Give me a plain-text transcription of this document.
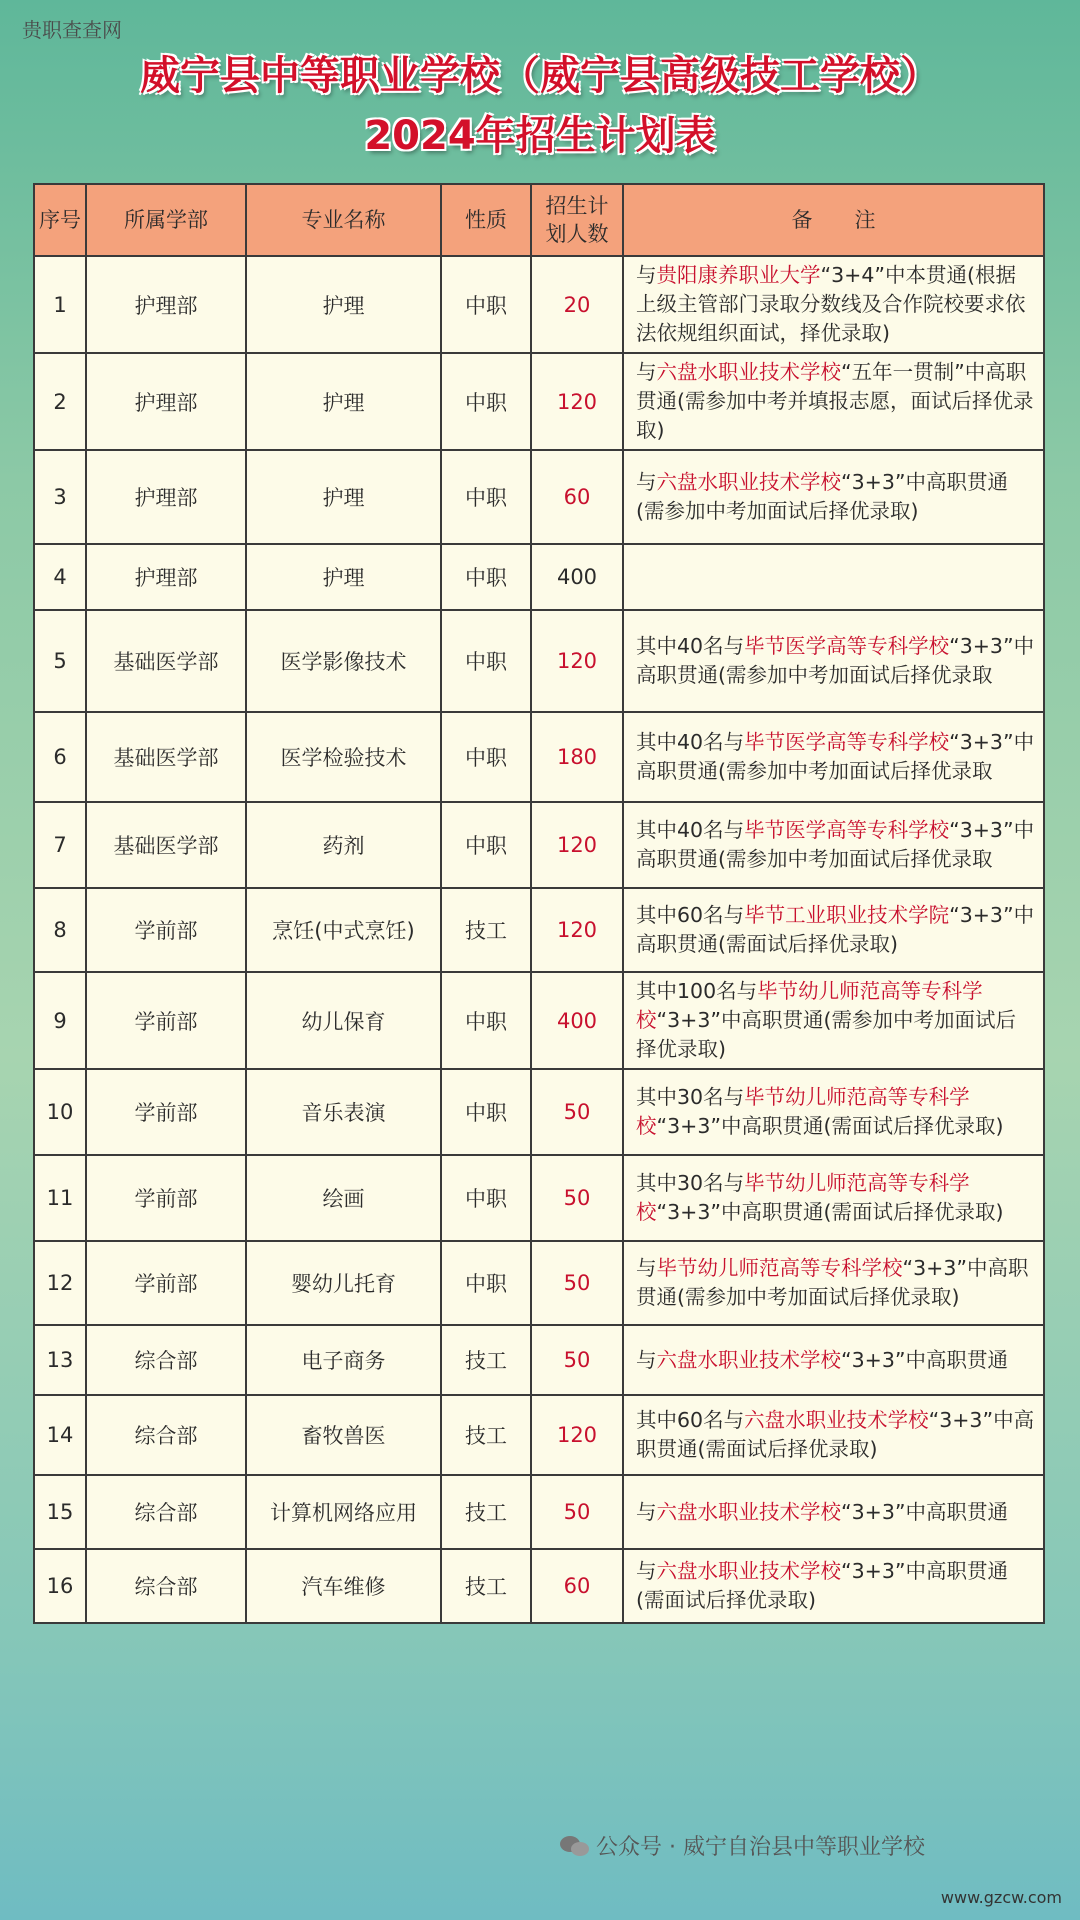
贵职查查网
威宁县中等职业学校（威宁县高级技工学校）
2024年招生计划表
序号	所属学部	专业名称	性质	招生计划人数	备　　注
1	护理部	护理	中职	20	与贵阳康养职业大学“3+4”中本贯通(根据上级主管部门录取分数线及合作院校要求依法依规组织面试，择优录取)
2	护理部	护理	中职	120	与六盘水职业技术学校“五年一贯制”中高职贯通(需参加中考并填报志愿，面试后择优录取)
3	护理部	护理	中职	60	与六盘水职业技术学校“3+3”中高职贯通(需参加中考加面试后择优录取)
4	护理部	护理	中职	400	
5	基础医学部	医学影像技术	中职	120	其中40名与毕节医学高等专科学校“3+3”中高职贯通(需参加中考加面试后择优录取
6	基础医学部	医学检验技术	中职	180	其中40名与毕节医学高等专科学校“3+3”中高职贯通(需参加中考加面试后择优录取
7	基础医学部	药剂	中职	120	其中40名与毕节医学高等专科学校“3+3”中高职贯通(需参加中考加面试后择优录取
8	学前部	烹饪(中式烹饪)	技工	120	其中60名与毕节工业职业技术学院“3+3”中高职贯通(需面试后择优录取)
9	学前部	幼儿保育	中职	400	其中100名与毕节幼儿师范高等专科学校“3+3”中高职贯通(需参加中考加面试后择优录取)
10	学前部	音乐表演	中职	50	其中30名与毕节幼儿师范高等专科学校“3+3”中高职贯通(需面试后择优录取)
11	学前部	绘画	中职	50	其中30名与毕节幼儿师范高等专科学校“3+3”中高职贯通(需面试后择优录取)
12	学前部	婴幼儿托育	中职	50	与毕节幼儿师范高等专科学校“3+3”中高职贯通(需参加中考加面试后择优录取)
13	综合部	电子商务	技工	50	与六盘水职业技术学校“3+3”中高职贯通
14	综合部	畜牧兽医	技工	120	其中60名与六盘水职业技术学校“3+3”中高职贯通(需面试后择优录取)
15	综合部	计算机网络应用	技工	50	与六盘水职业技术学校“3+3”中高职贯通
16	综合部	汽车维修	技工	60	与六盘水职业技术学校“3+3”中高职贯通(需面试后择优录取)
公众号 · 威宁自治县中等职业学校
www.gzcw.com
